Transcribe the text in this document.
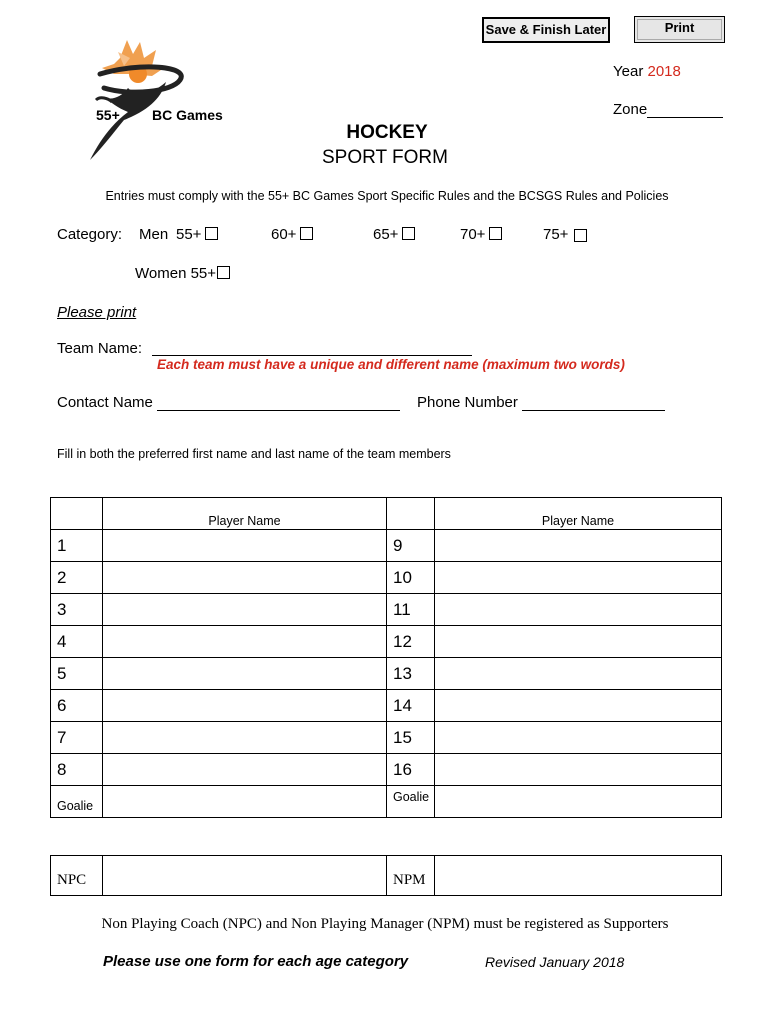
Save & Finish Later	Print
55+ BC Games
Year 2018
Zone
HOCKEY
SPORT FORM
Entries must comply with the 55+ BC Games Sport Specific Rules and the BCSGS Rules and Policies
Category: Men 55+	60+	65+	70+	75+
Women 55+
Please print
Team Name:
Each team must have a unique and different name (maximum two words)
Contact Name	Phone Number
Fill in both the preferred first name and last name of the team members
	Player Name		Player Name
1		9	
2		10	
3		11	
4		12	
5		13	
6		14	
7		15	
8		16	
Goalie		Goalie	
NPC		NPM	
Non Playing Coach (NPC) and Non Playing Manager (NPM) must be registered as Supporters
Please use one form for each age category	Revised January 2018
